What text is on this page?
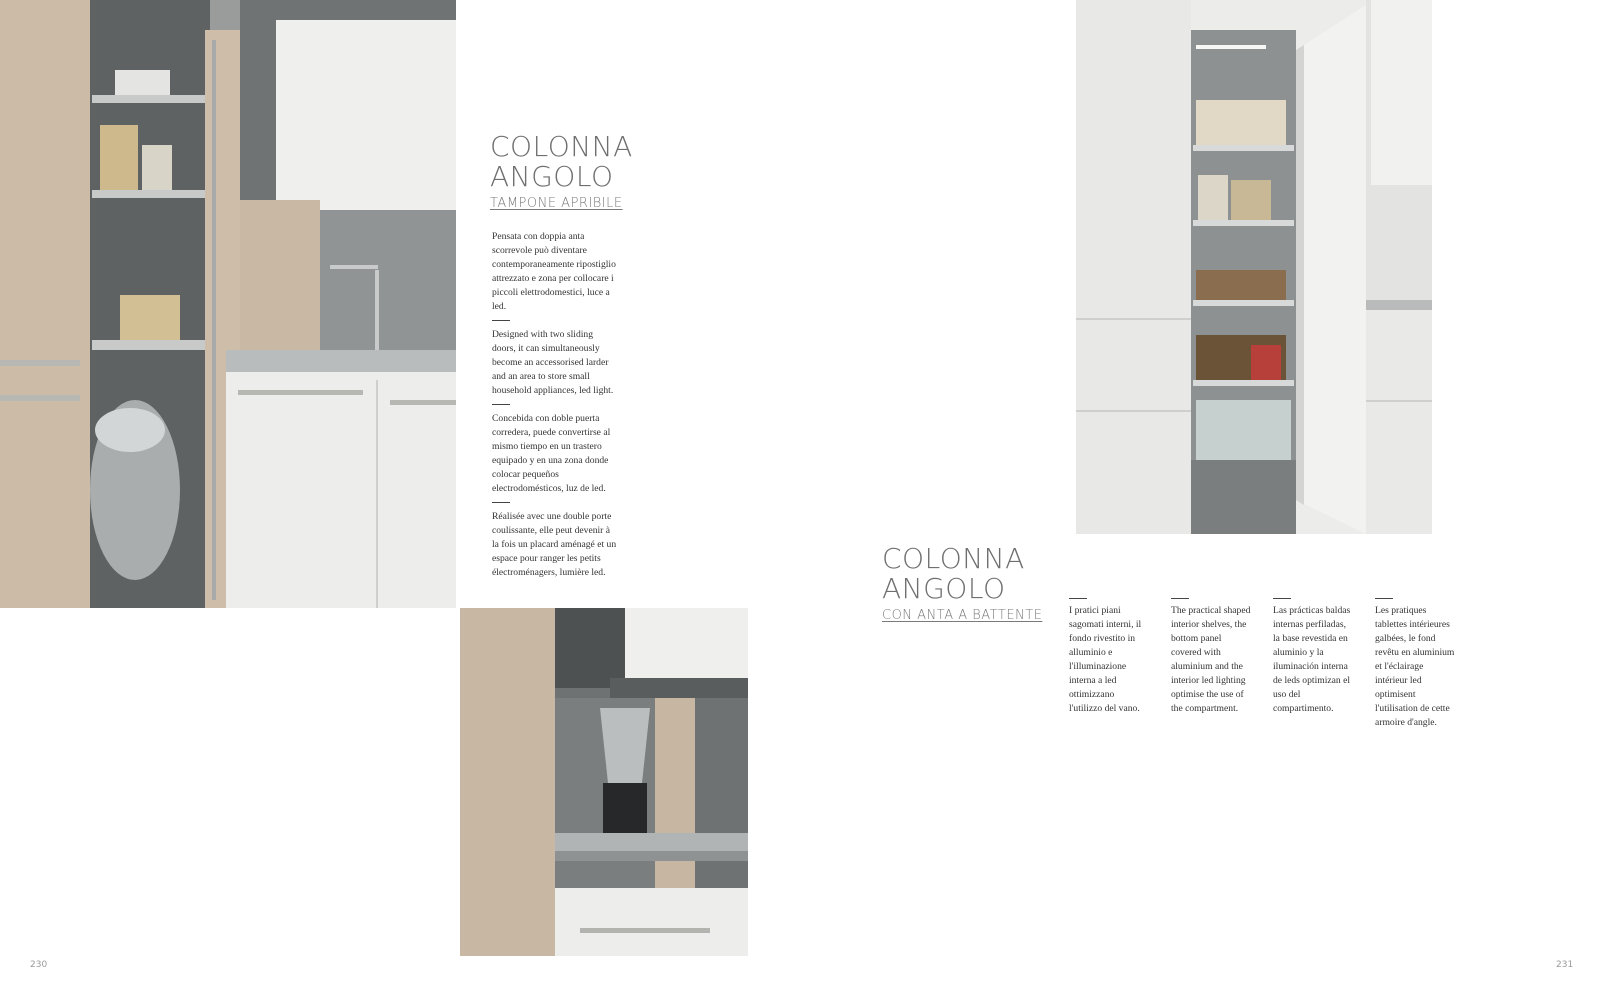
COLONNA
ANGOLO
TAMPONE APRIBILE

Pensata con doppia anta scorrevole può diventare contemporaneamente ripostiglio attrezzato e zona per collocare i piccoli elettrodomestici, luce a led.

Designed with two sliding doors, it can simultaneously become an accessorised larder and an area to store small household appliances, led light.

Concebida con doble puerta corredera, puede convertirse al mismo tiempo en un trastero equipado y en una zona donde colocar pequeños electrodomésticos, luz de led.

Réalisée avec une double porte coulissante, elle peut devenir à la fois un placard aménagé et un espace pour ranger les petits électroménagers, lumière led.	COLONNA
ANGOLO
CON ANTA A BATTENTE	I pratici piani sagomati interni, il fondo rivestito in alluminio e l'illuminazione interna a led ottimizzano l'utilizzo del vano.

The practical shaped interior shelves, the bottom panel covered with aluminium and the interior led lighting optimise the use of the compartment.

Las prácticas baldas internas perfiladas, la base revestida en aluminio y la iluminación interna de leds optimizan el uso del compartimento.

Les pratiques tablettes intérieures galbées, le fond revêtu en aluminium et l'éclairage intérieur led optimisent l'utilisation de cette armoire d'angle.

230	231
